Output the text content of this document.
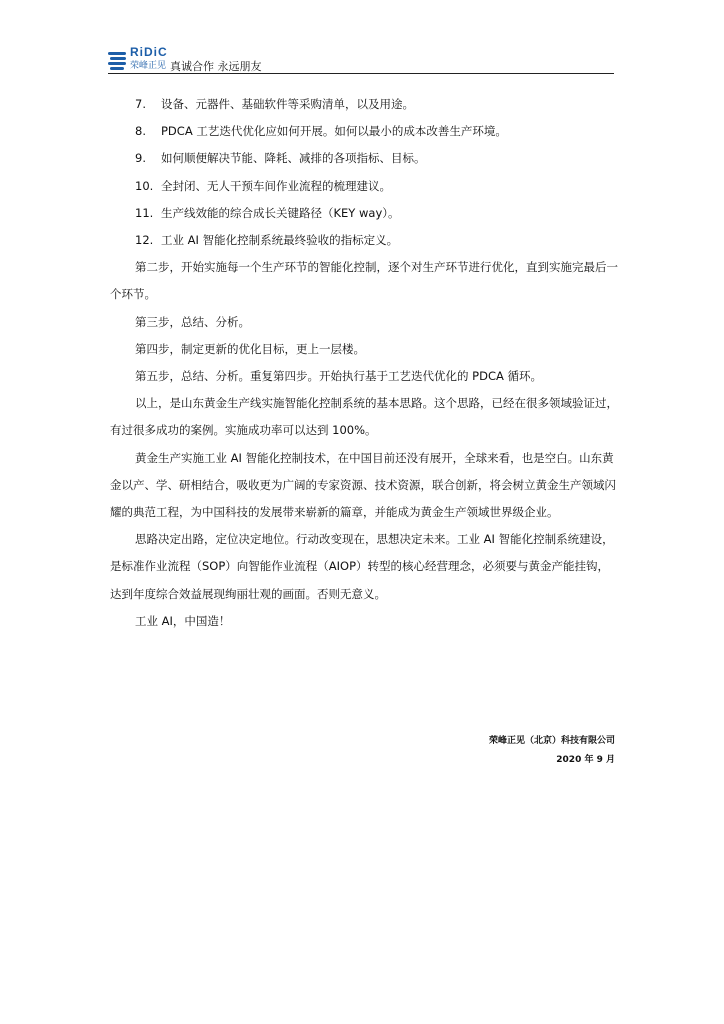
RiDiC
荣峰正见 真诚合作 永远朋友
7. 设备、元器件、基础软件等采购清单，以及用途。
8. PDCA 工艺迭代优化应如何开展。如何以最小的成本改善生产环境。
9. 如何顺便解决节能、降耗、减排的各项指标、目标。
10. 全封闭、无人干预车间作业流程的梳理建议。
11. 生产线效能的综合成长关键路径（KEY way）。
12. 工业 AI 智能化控制系统最终验收的指标定义。

第二步，开始实施每一个生产环节的智能化控制，逐个对生产环节进行优化，直到实施完最后一个环节。

第三步，总结、分析。

第四步，制定更新的优化目标，更上一层楼。

第五步，总结、分析。重复第四步。开始执行基于工艺迭代优化的 PDCA 循环。

以上，是山东黄金生产线实施智能化控制系统的基本思路。这个思路，已经在很多领域验证过，有过很多成功的案例。实施成功率可以达到 100%。

黄金生产实施工业 AI 智能化控制技术，在中国目前还没有展开，全球来看，也是空白。山东黄金以产、学、研相结合，吸收更为广阔的专家资源、技术资源，联合创新，将会树立黄金生产领域闪耀的典范工程，为中国科技的发展带来崭新的篇章，并能成为黄金生产领域世界级企业。

思路决定出路，定位决定地位。行动改变现在，思想决定未来。工业 AI 智能化控制系统建设，是标准作业流程（SOP）向智能作业流程（AIOP）转型的核心经营理念，必须要与黄金产能挂钩，达到年度综合效益展现绚丽壮观的画面。否则无意义。

工业 AI，中国造！

荣峰正见（北京）科技有限公司
2020 年 9 月
